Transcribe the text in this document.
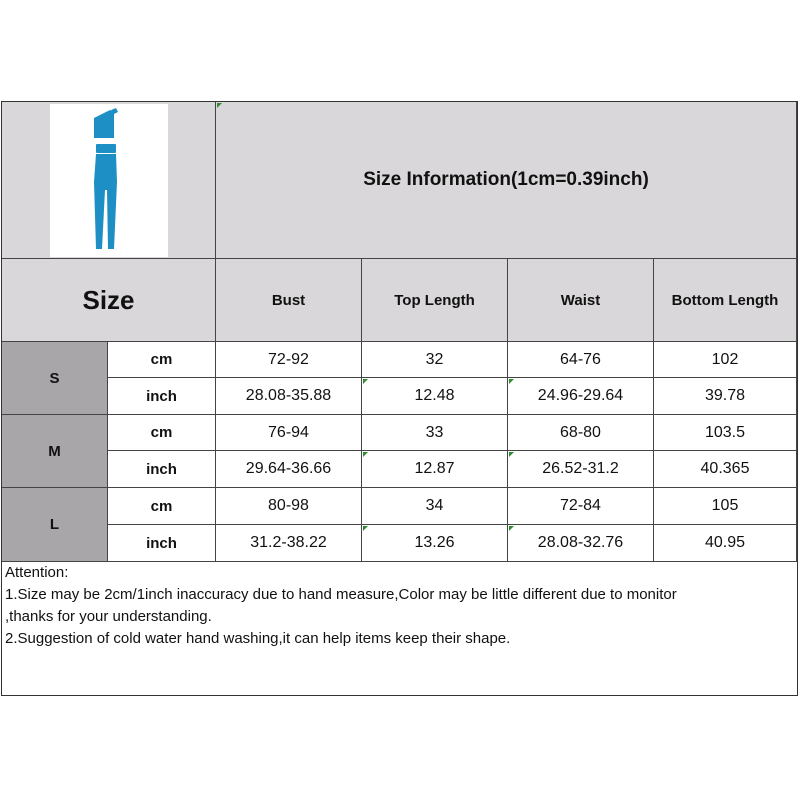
Size Information(1cm=0.39inch)
Size	Bust	Top Length	Waist	Bottom Length
S
cm	72-92	32	64-76	102
inch	28.08-35.88	12.48	24.96-29.64	39.78
M
cm	76-94	33	68-80	103.5
inch	29.64-36.66	12.87	26.52-31.2	40.365
L
cm	80-98	34	72-84	105
inch	31.2-38.22	13.26	28.08-32.76	40.95
Attention:
1.Size may be 2cm/1inch inaccuracy due to hand measure,Color may be little different due to monitor
,thanks for your understanding.
2.Suggestion of cold water hand washing,it can help items keep their shape.
